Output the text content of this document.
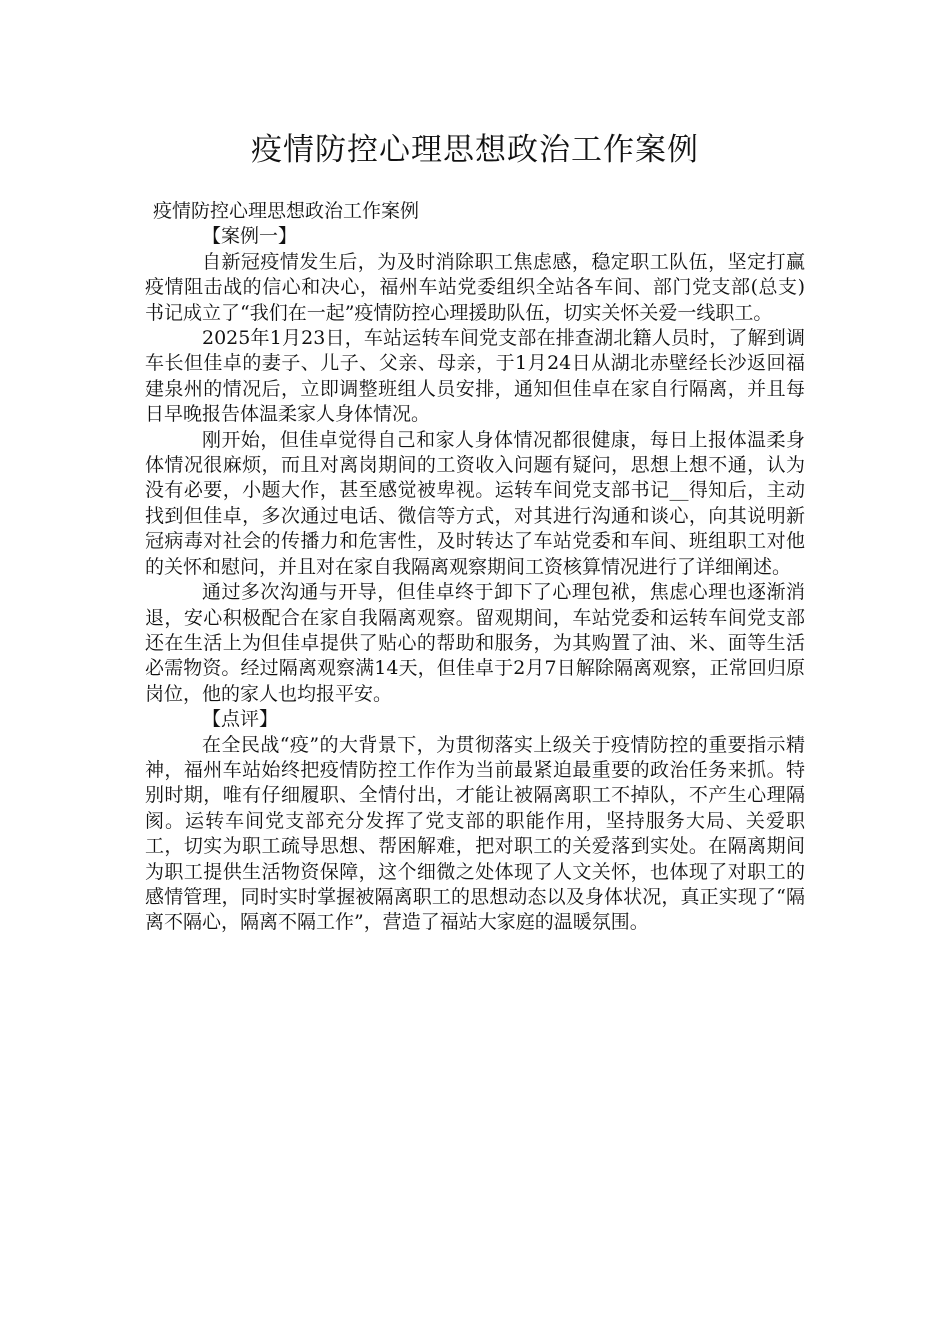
疫情防控心理思想政治工作案例

疫情防控心理思想政治工作案例

【案例一】

自新冠疫情发生后，为及时消除职工焦虑感，稳定职工队伍，坚定打赢疫情阻击战的信心和决心，福州车站党委组织全站各车间、部门党支部(总支)书记成立了“我们在一起”疫情防控心理援助队伍，切实关怀关爱一线职工。

2025年1月23日，车站运转车间党支部在排查湖北籍人员时，了解到调车长但佳卓的妻子、儿子、父亲、母亲，于1月24日从湖北赤壁经长沙返回福建泉州的情况后，立即调整班组人员安排，通知但佳卓在家自行隔离，并且每日早晚报告体温柔家人身体情况。

刚开始，但佳卓觉得自己和家人身体情况都很健康，每日上报体温柔身体情况很麻烦，而且对离岗期间的工资收入问题有疑问，思想上想不通，认为没有必要，小题大作，甚至感觉被卑视。运转车间党支部书记__得知后，主动找到但佳卓，多次通过电话、微信等方式，对其进行沟通和谈心，向其说明新冠病毒对社会的传播力和危害性，及时转达了车站党委和车间、班组职工对他的关怀和慰问，并且对在家自我隔离观察期间工资核算情况进行了详细阐述。

通过多次沟通与开导，但佳卓终于卸下了心理包袱，焦虑心理也逐渐消退，安心积极配合在家自我隔离观察。留观期间，车站党委和运转车间党支部还在生活上为但佳卓提供了贴心的帮助和服务，为其购置了油、米、面等生活必需物资。经过隔离观察满14天，但佳卓于2月7日解除隔离观察，正常回归原岗位，他的家人也均报平安。

【点评】

在全民战“疫”的大背景下，为贯彻落实上级关于疫情防控的重要指示精神，福州车站始终把疫情防控工作作为当前最紧迫最重要的政治任务来抓。特别时期，唯有仔细履职、全情付出，才能让被隔离职工不掉队，不产生心理隔阂。运转车间党支部充分发挥了党支部的职能作用，坚持服务大局、关爱职工，切实为职工疏导思想、帮困解难，把对职工的关爱落到实处。在隔离期间为职工提供生活物资保障，这个细微之处体现了人文关怀，也体现了对职工的感情管理，同时实时掌握被隔离职工的思想动态以及身体状况，真正实现了“隔离不隔心，隔离不隔工作”，营造了福站大家庭的温暖氛围。
